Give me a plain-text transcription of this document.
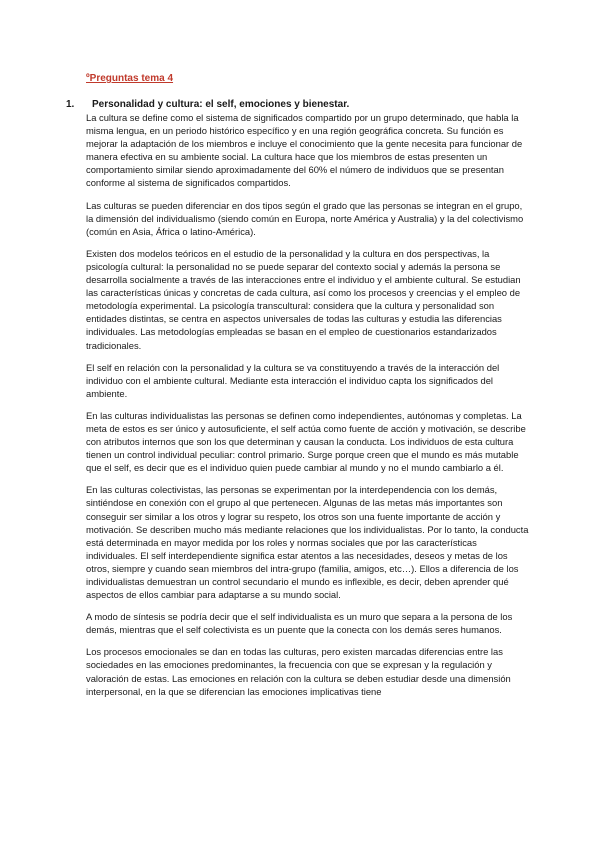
ºPreguntas tema 4
1.	Personalidad y cultura: el self, emociones y bienestar.

La cultura se define como el sistema de significados compartido por un grupo determinado, que habla la misma lengua, en un periodo histórico específico y en una región geográfica concreta. Su función es mejorar la adaptación de los miembros e incluye el conocimiento que la gente necesita para funcionar de manera efectiva en su ambiente social. La cultura hace que los miembros de estas presenten un comportamiento similar siendo aproximadamente del 60% el número de individuos que se presentan conforme al sistema de significados compartidos.

Las culturas se pueden diferenciar en dos tipos según el grado que las personas se integran en el grupo, la dimensión del individualismo (siendo común en Europa, norte América y Australia) y la del colectivismo (común en Asia, África o latino-América).

Existen dos modelos teóricos en el estudio de la personalidad y la cultura en dos perspectivas, la psicología cultural: la personalidad no se puede separar del contexto social y además la persona se desarrolla socialmente a través de las interacciones entre el individuo y el ambiente cultural. Se estudian las características únicas y concretas de cada cultura, así como los procesos y creencias y el empleo de metodología experimental. La psicología transcultural: considera que la cultura y personalidad son entidades distintas, se centra en aspectos universales de todas las culturas y estudia las diferencias individuales. Las metodologías empleadas se basan en el empleo de cuestionarios estandarizados tradicionales.

El self en relación con la personalidad y la cultura se va constituyendo a través de la interacción del individuo con el ambiente cultural. Mediante esta interacción el individuo capta los significados del ambiente.

En las culturas individualistas las personas se definen como independientes, autónomas y completas. La meta de estos es ser único y autosuficiente, el self actúa como fuente de acción y motivación, se describe con atributos internos que son los que determinan y causan la conducta. Los individuos de esta cultura tienen un control individual peculiar: control primario. Surge porque creen que el mundo es más mutable que el self, es decir que es el individuo quien puede cambiar al mundo y no el mundo cambiarlo a él.

En las culturas colectivistas, las personas se experimentan por la interdependencia con los demás, sintiéndose en conexión con el grupo al que pertenecen. Algunas de las metas más importantes son conseguir ser similar a los otros y lograr su respeto, los otros son una fuente importante de acción y motivación. Se describen mucho más mediante relaciones que los individualistas. Por lo tanto, la conducta está determinada en mayor medida por los roles y normas sociales que por las características individuales. El self interdependiente significa estar atentos a las necesidades, deseos y metas de los otros, siempre y cuando sean miembros del intra-grupo (familia, amigos, etc…). Ellos a diferencia de los individualistas demuestran un control secundario el mundo es inflexible, es decir, deben aprender qué aspectos de ellos cambiar para adaptarse a su mundo social.

A modo de síntesis se podría decir que el self individualista es un muro que separa a la persona de los demás, mientras que el self colectivista es un puente que la conecta con los demás seres humanos.

Los procesos emocionales se dan en todas las culturas, pero existen marcadas diferencias entre las sociedades en las emociones predominantes, la frecuencia con que se expresan y la regulación y valoración de estas. Las emociones en relación con la cultura se deben estudiar desde una dimensión interpersonal, en la que se diferencian las emociones implicativas tiene
